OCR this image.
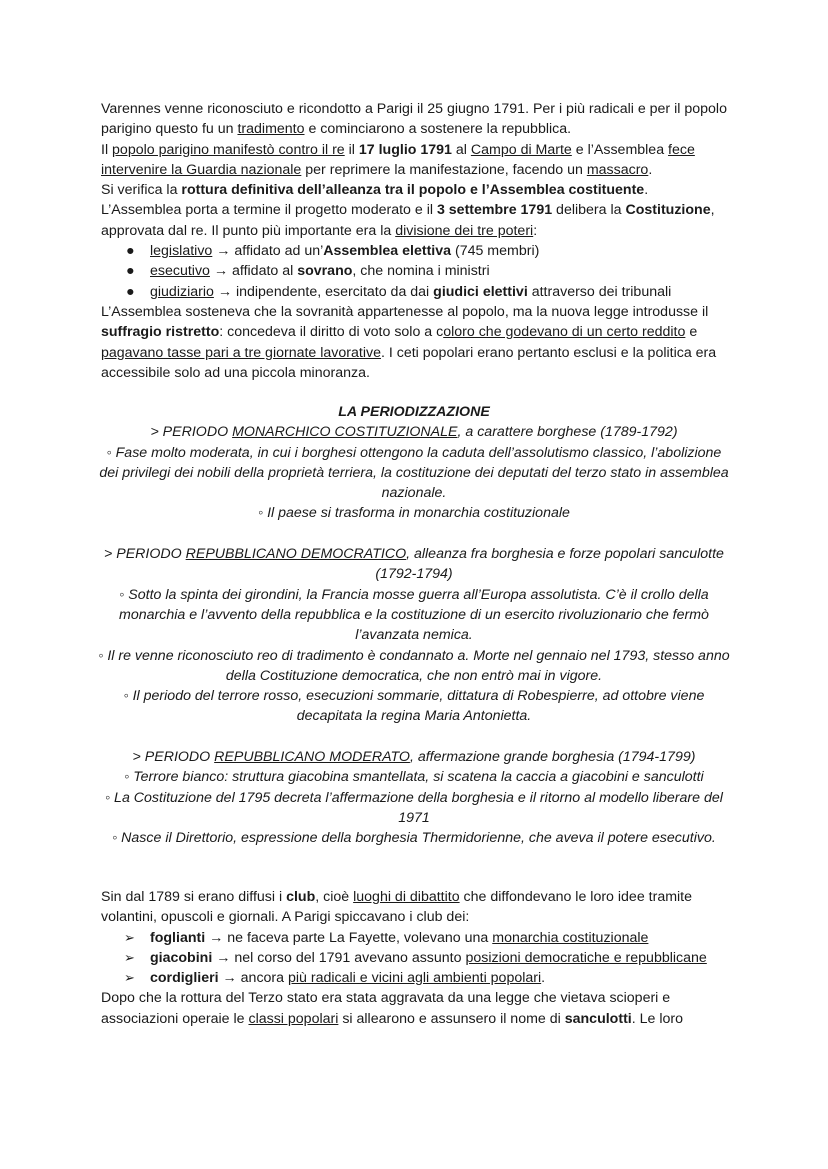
Varennes venne riconosciuto e ricondotto a Parigi il 25 giugno 1791. Per i più radicali e per il popolo parigino questo fu un tradimento e cominciarono a sostenere la repubblica.

Il popolo parigino manifestò contro il re il 17 luglio 1791 al Campo di Marte e l’Assemblea fece intervenire la Guardia nazionale per reprimere la manifestazione, facendo un massacro.

Si verifica la rottura definitiva dell’alleanza tra il popolo e l’Assemblea costituente.

L’Assemblea porta a termine il progetto moderato e il 3 settembre 1791 delibera la Costituzione, approvata dal re. Il punto più importante era la divisione dei tre poteri:

● legislativo → affidato ad un’Assemblea elettiva (745 membri)
● esecutivo → affidato al sovrano, che nomina i ministri
● giudiziario → indipendente, esercitato da dai giudici elettivi attraverso dei tribunali

L’Assemblea sosteneva che la sovranità appartenesse al popolo, ma la nuova legge introdusse il suffragio ristretto: concedeva il diritto di voto solo a coloro che godevano di un certo reddito e pagavano tasse pari a tre giornate lavorative. I ceti popolari erano pertanto esclusi e la politica era accessibile solo ad una piccola minoranza.

LA PERIODIZZAZIONE

> PERIODO MONARCHICO COSTITUZIONALE, a carattere borghese (1789-1792)

◦ Fase molto moderata, in cui i borghesi ottengono la caduta dell’assolutismo classico, l’abolizione dei privilegi dei nobili della proprietà terriera, la costituzione dei deputati del terzo stato in assemblea nazionale.

◦ Il paese si trasforma in monarchia costituzionale

> PERIODO REPUBBLICANO DEMOCRATICO, alleanza fra borghesia e forze popolari sanculotte (1792-1794)

◦ Sotto la spinta dei girondini, la Francia mosse guerra all’Europa assolutista. C’è il crollo della monarchia e l’avvento della repubblica e la costituzione di un esercito rivoluzionario che fermò l’avanzata nemica.

◦ Il re venne riconosciuto reo di tradimento è condannato a. Morte nel gennaio nel 1793, stesso anno della Costituzione democratica, che non entrò mai in vigore.

◦ Il periodo del terrore rosso, esecuzioni sommarie, dittatura di Robespierre, ad ottobre viene decapitata la regina Maria Antonietta.

> PERIODO REPUBBLICANO MODERATO, affermazione grande borghesia (1794-1799)

◦ Terrore bianco: struttura giacobina smantellata, si scatena la caccia a giacobini e sanculotti

◦ La Costituzione del 1795 decreta l’affermazione della borghesia e il ritorno al modello liberare del 1971

◦ Nasce il Direttorio, espressione della borghesia Thermidorienne, che aveva il potere esecutivo.

Sin dal 1789 si erano diffusi i club, cioè luoghi di dibattito che diffondevano le loro idee tramite volantini, opuscoli e giornali. A Parigi spiccavano i club dei:

➢ foglianti → ne faceva parte La Fayette, volevano una monarchia costituzionale
➢ giacobini → nel corso del 1791 avevano assunto posizioni democratiche e repubblicane
➢ cordiglieri → ancora più radicali e vicini agli ambienti popolari.

Dopo che la rottura del Terzo stato era stata aggravata da una legge che vietava scioperi e associazioni operaie le classi popolari si allearono e assunsero il nome di sanculotti. Le loro
